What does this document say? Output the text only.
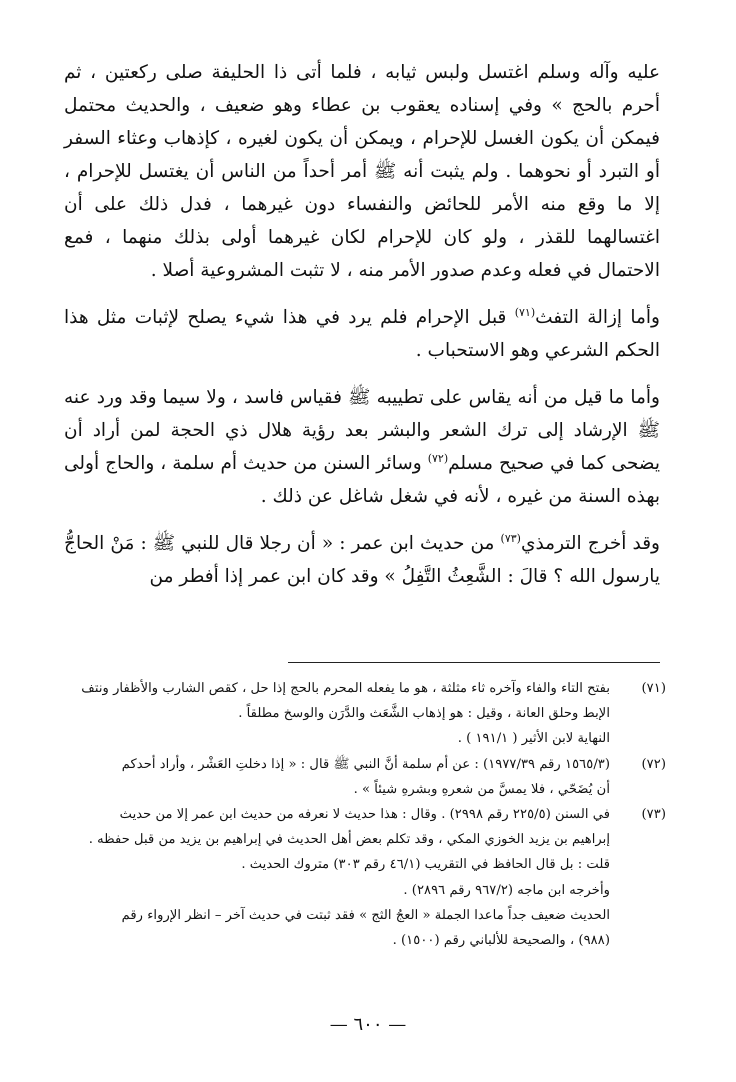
عليه وآله وسلم اغتسل ولبس ثيابه ، فلما أتى ذا الحليفة صلى ركعتين ، ثم أحرم بالحج » وفي إسناده يعقوب بن عطاء وهو ضعيف ، والحديث محتمل فيمكن أن يكون الغسل للإحرام ، ويمكن أن يكون لغيره ، كإذهاب وعثاء السفر أو التبرد أو نحوهما . ولم يثبت أنه ﷺ أمر أحداً من الناس أن يغتسل للإحرام ، إلا ما وقع منه الأمر للحائض والنفساء دون غيرهما ، فدل ذلك على أن اغتسالهما للقذر ، ولو كان للإحرام لكان غيرهما أولى بذلك منهما ، فمع الاحتمال في فعله وعدم صدور الأمر منه ، لا تثبت المشروعية أصلا .

وأما إزالة التفث$^{(٧١)}$ قبل الإحرام فلم يرد في هذا شيء يصلح لإثبات مثل هذا الحكم الشرعي وهو الاستحباب .

وأما ما قيل من أنه يقاس على تطييبه ﷺ فقياس فاسد ، ولا سيما وقد ورد عنه ﷺ الإرشاد إلى ترك الشعر والبشر بعد رؤية هلال ذي الحجة لمن أراد أن يضحى كما في صحيح مسلم$^{(٧٢)}$ وسائر السنن من حديث أم سلمة ، والحاج أولى بهذه السنة من غيره ، لأنه في شغل شاغل عن ذلك .

وقد أخرج الترمذي$^{(٧٣)}$ من حديث ابن عمر : « أن رجلا قال للنبي ﷺ : مَنْ الحاجُّ يارسول الله ؟ قالَ : الشَّعِثُ التَّفِلُ » وقد كان ابن عمر إذا أفطر من

(٧١)

بفتح التاء والفاء وآخره ثاء مثلثة ، هو ما يفعله المحرم بالحج إذا حل ، كقص الشارب والأظفار ونتف

الإبط وحلق العانة ، وقيل : هو إذهاب الشَّعَث والدَّرَن والوسخ مطلقاً .

النهاية لابن الأثير ( ١٩١/١ ) .

(٧٢)

(١٥٦٥/٣ رقم ١٩٧٧/٣٩) : عن أم سلمة أنَّ النبي ﷺ قال : « إذا دخلتِ العَشْر ، وأراد أحدكم

أن يُضَحّي ، فلا يمسَّ من شعرهِ وبشرهِ شيئاً » .

(٧٣)

في السنن (٢٢٥/٥ رقم ٢٩٩٨) . وقال : هذا حديث لا نعرفه من حديث ابن عمر إلا من حديث

إبراهيم بن يزيد الخوزي المكي ، وقد تكلم بعض أهل الحديث في إبراهيم بن يزيد من قبل حفظه .

قلت : بل قال الحافظ في التقريب (٤٦/١ رقم ٣٠٣) متروك الحديث .

وأخرجه ابن ماجه (٩٦٧/٢ رقم ٢٨٩٦) .

الحديث ضعيف جداً ماعدا الجملة « العجُ الثج » فقد ثبتت في حديث آخر – انظر الإرواء رقم

(٩٨٨) ، والصحيحة للألباني رقم (١٥٠٠) .

— ٦٠٠ —
